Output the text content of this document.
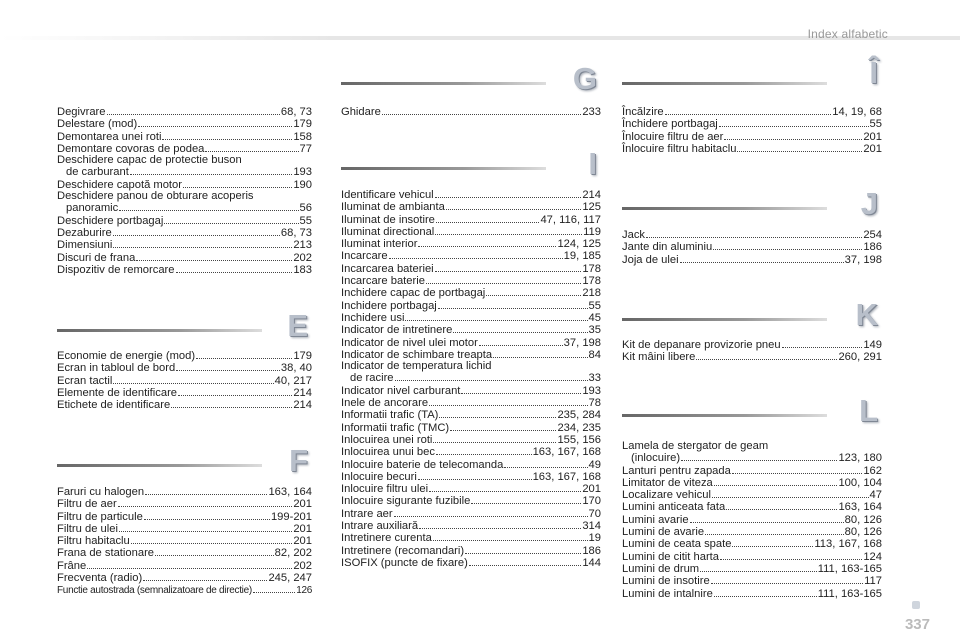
Index alfabetic
Degivrare	68, 73
Delestare (mod)	179
Demontarea unei roti	158
Demontare covoras de podea	77
Deschidere capac de protectie buson
de carburant	193
Deschidere capotă motor	190
Deschidere panou de obturare acoperis
panoramic	56
Deschidere portbagaj	55
Dezaburire	68, 73
Dimensiuni	213
Discuri de frana	202
Dispozitiv de remorcare	183
E
Economie de energie (mod)	179
Ecran in tabloul de bord	38, 40
Ecran tactil	40, 217
Elemente de identificare	214
Etichete de identificare	214
F
Faruri cu halogen	163, 164
Filtru de aer	201
Filtru de particule	199-201
Filtru de ulei	201
Filtru habitaclu	201
Frana de stationare	82, 202
Frâne	202
Frecventa (radio)	245, 247
Functie autostrada (semnalizatoare de directie)	126
G
Ghidare	233
I
Identificare vehicul	214
Iluminat de ambianta	125
Iluminat de insotire	47, 116, 117
Iluminat directional	119
Iluminat interior	124, 125
Incarcare	19, 185
Incarcarea bateriei	178
Incarcare baterie	178
Inchidere capac de portbagaj	218
Inchidere portbagaj	55
Inchidere usi	45
Indicator de intretinere	35
Indicator de nivel ulei motor	37, 198
Indicator de schimbare treapta	84
Indicator de temperatura lichid
de racire	33
Indicator nivel carburant	193
Inele de ancorare	78
Informatii trafic (TA)	235, 284
Informatii trafic (TMC)	234, 235
Inlocuirea unei roti	155, 156
Inlocuirea unui bec	163, 167, 168
Inlocuire baterie de telecomanda	49
Inlocuire becuri	163, 167, 168
Inlocuire filtru ulei	201
Inlocuire sigurante fuzibile	170
Intrare aer	70
Intrare auxiliară	314
Intretinere curenta	19
Intretinere (recomandari)	186
ISOFIX (puncte de fixare)	144
Î
Încălzire	14, 19, 68
Închidere portbagaj	55
Înlocuire filtru de aer	201
Înlocuire filtru habitaclu	201
J
Jack	254
Jante din aluminiu	186
Joja de ulei	37, 198
K
Kit de depanare provizorie pneu	149
Kit mâini libere	260, 291
L
Lamela de stergator de geam
(inlocuire)	123, 180
Lanturi pentru zapada	162
Limitator de viteza	100, 104
Localizare vehicul	47
Lumini anticeata fata	163, 164
Lumini avarie	80, 126
Lumini de avarie	80, 126
Lumini de ceata spate	113, 167, 168
Lumini de citit harta	124
Lumini de drum	111, 163-165
Lumini de insotire	117
Lumini de intalnire	111, 163-165
337
